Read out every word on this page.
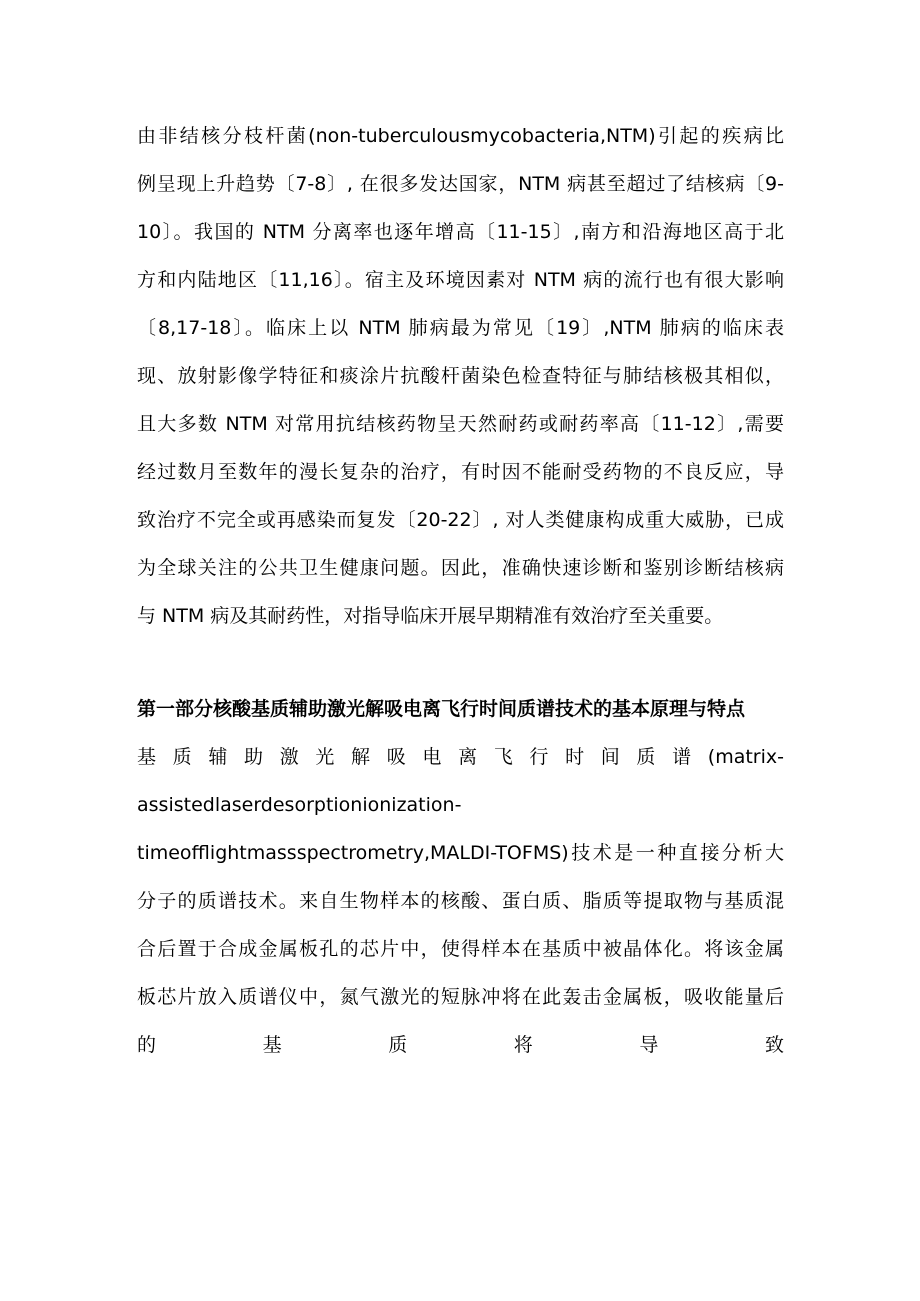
由非结核分枝杆菌(non-tuberculousmycobacteria,NTM)引起的疾病比
例呈现上升趋势〔7-8〕, 在很多发达国家，NTM 病甚至超过了结核病〔9-
10〕。我国的 NTM 分离率也逐年增高〔11-15〕,南方和沿海地区高于北
方和内陆地区〔11,16〕。宿主及环境因素对 NTM 病的流行也有很大影响
〔8,17-18〕。临床上以 NTM 肺病最为常见〔19〕,NTM 肺病的临床表
现、放射影像学特征和痰涂片抗酸杆菌染色检查特征与肺结核极其相似，
且大多数 NTM 对常用抗结核药物呈天然耐药或耐药率高〔11-12〕,需要
经过数月至数年的漫长复杂的治疗，有时因不能耐受药物的不良反应，导
致治疗不完全或再感染而复发〔20-22〕, 对人类健康构成重大威胁，已成
为全球关注的公共卫生健康问题。因此，准确快速诊断和鉴别诊断结核病
与 NTM 病及其耐药性，对指导临床开展早期精准有效治疗至关重要。
第一部分核酸基质辅助激光解吸电离飞行时间质谱技术的基本原理与特点
基质辅助激光解吸电离飞行时间质谱(matrix-
assistedlaserdesorptionionization-
timeofflightmassspectrometry,MALDI-TOFMS)技术是一种直接分析大
分子的质谱技术。来自生物样本的核酸、蛋白质、脂质等提取物与基质混
合后置于合成金属板孔的芯片中，使得样本在基质中被晶体化。将该金属
板芯片放入质谱仪中，氮气激光的短脉冲将在此轰击金属板，吸收能量后
的 基 质 将 导 致
